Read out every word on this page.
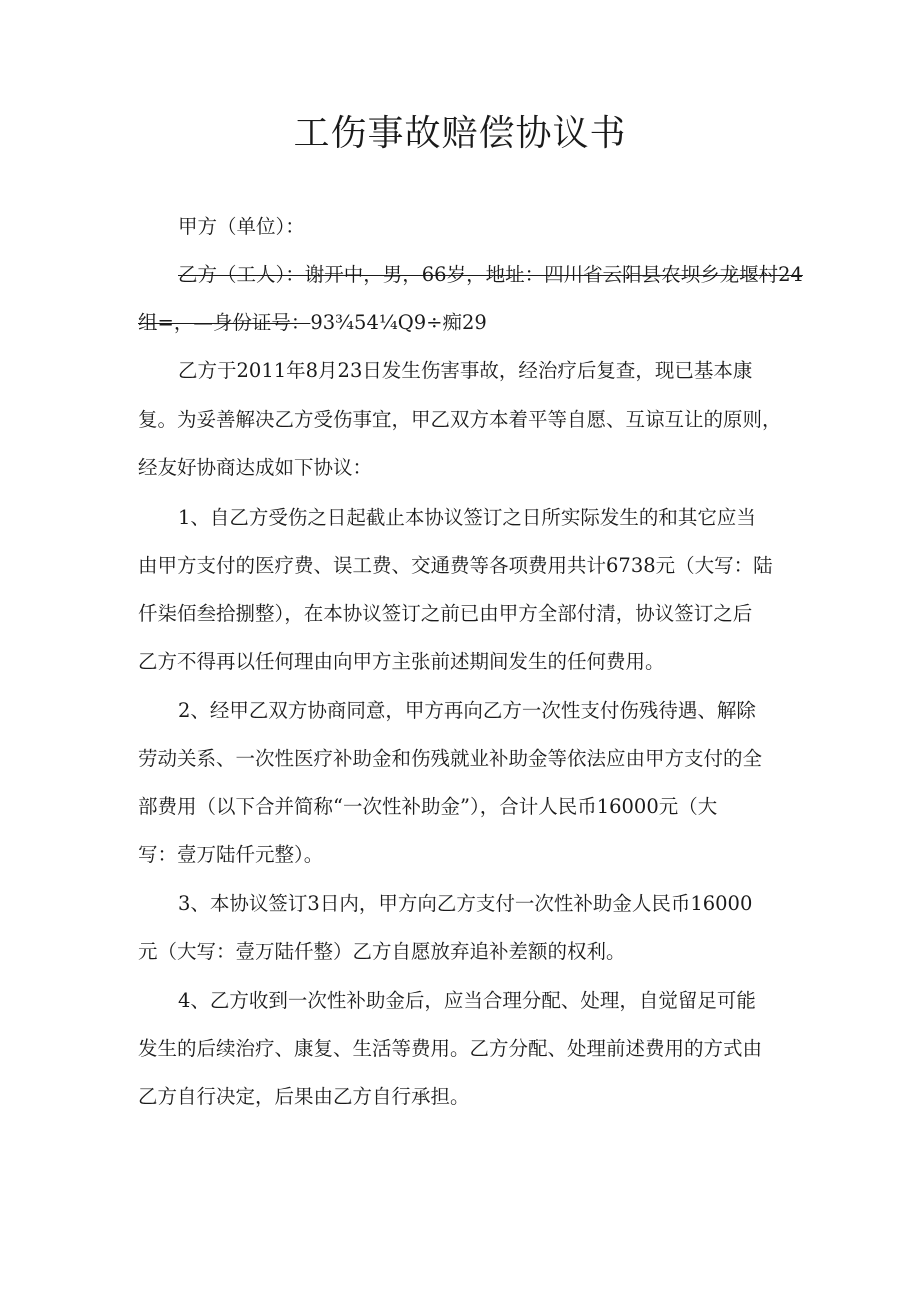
工伤事故赔偿协议书
甲方（单位）：
乙方（工人）：谢开中，男，66岁，地址：四川省云阳县农坝乡龙堰村24
组=，—身份证号：93¾54¼Q9÷痴29
乙方于2011年8月23日发生伤害事故，经治疗后复查，现已基本康
复。为妥善解决乙方受伤事宜，甲乙双方本着平等自愿、互谅互让的原则，
经友好协商达成如下协议：
1、自乙方受伤之日起截止本协议签订之日所实际发生的和其它应当
由甲方支付的医疗费、误工费、交通费等各项费用共计6738元（大写：陆
仟柒佰叁拾捌整），在本协议签订之前已由甲方全部付清，协议签订之后
乙方不得再以任何理由向甲方主张前述期间发生的任何费用。
2、经甲乙双方协商同意，甲方再向乙方一次性支付伤残待遇、解除
劳动关系、一次性医疗补助金和伤残就业补助金等依法应由甲方支付的全
部费用（以下合并简称“一次性补助金”），合计人民币16000元（大
写：壹万陆仟元整）。
3、本协议签订3日内，甲方向乙方支付一次性补助金人民币16000
元（大写：壹万陆仟整）乙方自愿放弃追补差额的权利。
4、乙方收到一次性补助金后，应当合理分配、处理，自觉留足可能
发生的后续治疗、康复、生活等费用。乙方分配、处理前述费用的方式由
乙方自行决定，后果由乙方自行承担。
